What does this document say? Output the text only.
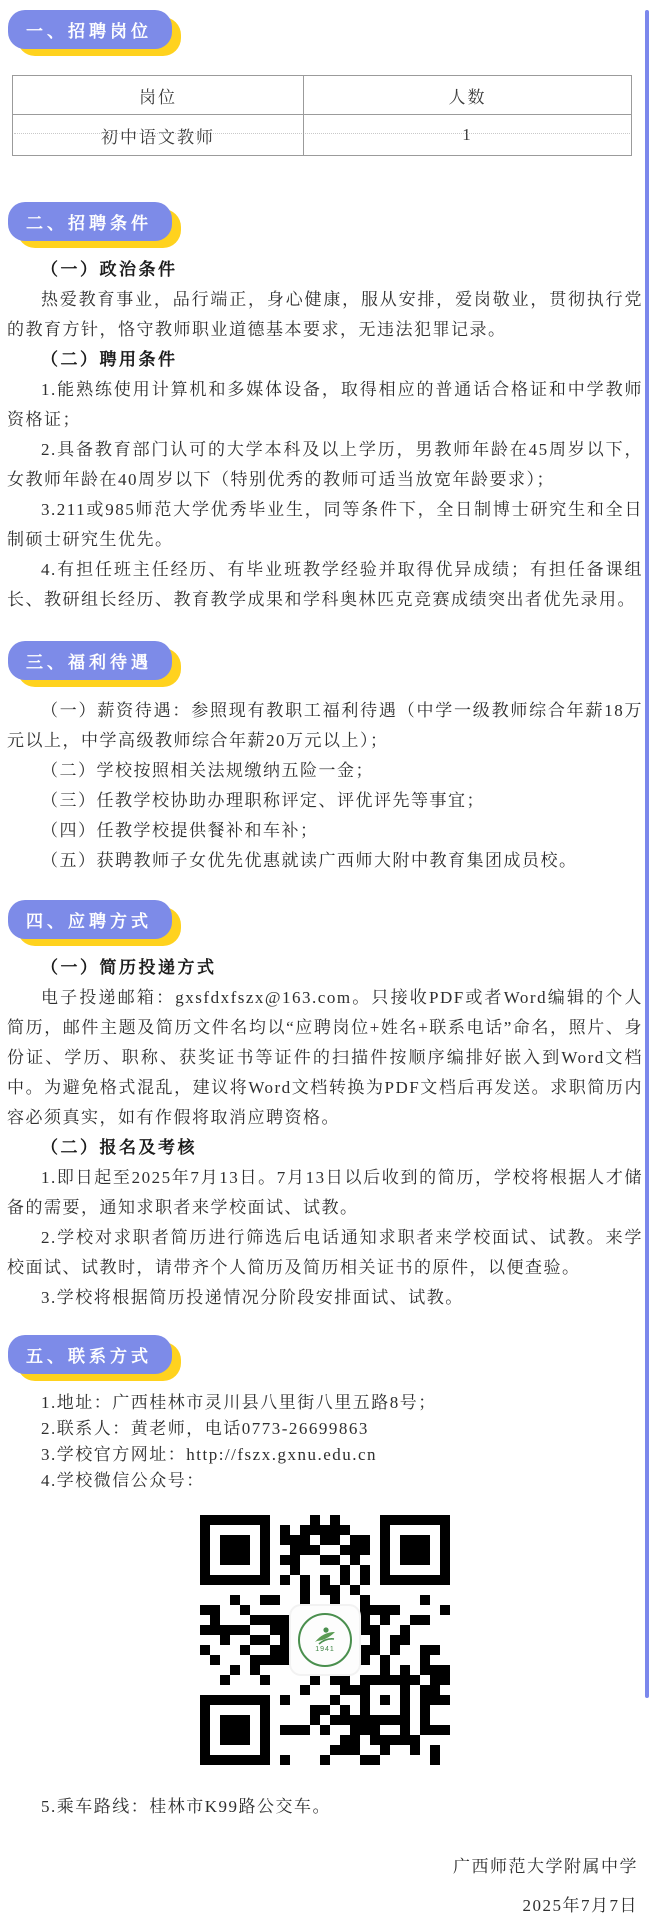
一、招聘岗位
岗位	人数
初中语文教师	1
二、招聘条件

（一）政治条件

热爱教育事业，品行端正，身心健康，服从安排，爱岗敬业，贯彻执行党的教育方针，恪守教师职业道德基本要求，无违法犯罪记录。

（二）聘用条件

1.能熟练使用计算机和多媒体设备，取得相应的普通话合格证和中学教师资格证；

2.具备教育部门认可的大学本科及以上学历，男教师年龄在45周岁以下，女教师年龄在40周岁以下（特别优秀的教师可适当放宽年龄要求）；

3.211或985师范大学优秀毕业生，同等条件下，全日制博士研究生和全日制硕士研究生优先。

4.有担任班主任经历、有毕业班教学经验并取得优异成绩；有担任备课组长、教研组长经历、教育教学成果和学科奥林匹克竞赛成绩突出者优先录用。

三、福利待遇

（一）薪资待遇：参照现有教职工福利待遇（中学一级教师综合年薪18万元以上，中学高级教师综合年薪20万元以上）；

（二）学校按照相关法规缴纳五险一金；

（三）任教学校协助办理职称评定、评优评先等事宜；

（四）任教学校提供餐补和车补；

（五）获聘教师子女优先优惠就读广西师大附中教育集团成员校。

四、应聘方式

（一）简历投递方式

电子投递邮箱：gxsfdxfszx@163.com。只接收PDF或者Word编辑的个人简历，邮件主题及简历文件名均以“应聘岗位+姓名+联系电话”命名，照片、身份证、学历、职称、获奖证书等证件的扫描件按顺序编排好嵌入到Word文档中。为避免格式混乱，建议将Word文档转换为PDF文档后再发送。求职简历内容必须真实，如有作假将取消应聘资格。

（二）报名及考核

1.即日起至2025年7月13日。7月13日以后收到的简历，学校将根据人才储备的需要，通知求职者来学校面试、试教。

2.学校对求职者简历进行筛选后电话通知求职者来学校面试、试教。来学校面试、试教时，请带齐个人简历及简历相关证书的原件，以便查验。

3.学校将根据简历投递情况分阶段安排面试、试教。

五、联系方式

1.地址：广西桂林市灵川县八里街八里五路8号；

2.联系人：黄老师，电话0773-26699863

3.学校官方网址：http://fszx.gxnu.edu.cn

4.学校微信公众号：

1941

5.乘车路线：桂林市K99路公交车。

广西师范大学附属中学
2025年7月7日
